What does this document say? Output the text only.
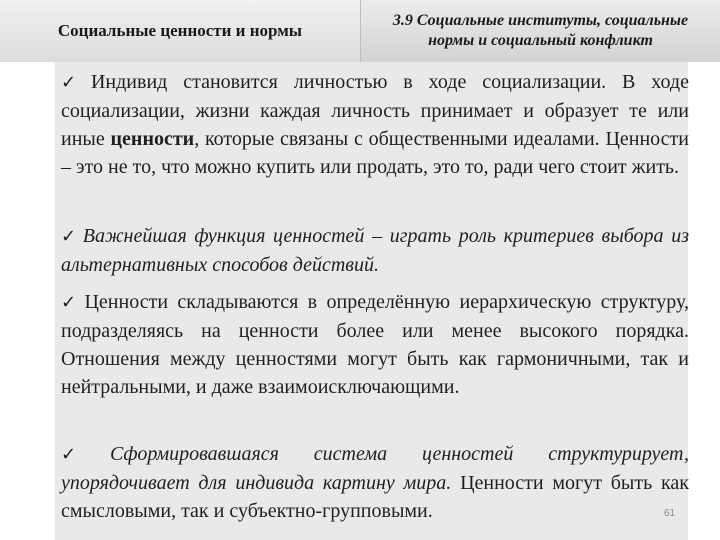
Социальные ценности и нормы
3.9 Социальные институты, социальные
нормы и социальный конфликт
✓ Индивид становится личностью в ходе социализации. В ходе социализации, жизни каждая личность принимает и образует те или иные ценности, которые связаны с общественными идеалами. Ценности – это не то, что можно купить или продать, это то, ради чего стоит жить.
✓ Важнейшая функция ценностей – играть роль критериев выбора из альтернативных способов действий.
✓ Ценности складываются в определённую иерархическую структуру, подразделяясь на ценности более или менее высокого порядка. Отношения между ценностями могут быть как гармоничными, так и нейтральными, и даже взаимоисключающими.
✓ Сформировавшаяся система ценностей структурирует, упорядочивает для индивида картину мира. Ценности могут быть как смысловыми, так и субъектно-групповыми.	61
